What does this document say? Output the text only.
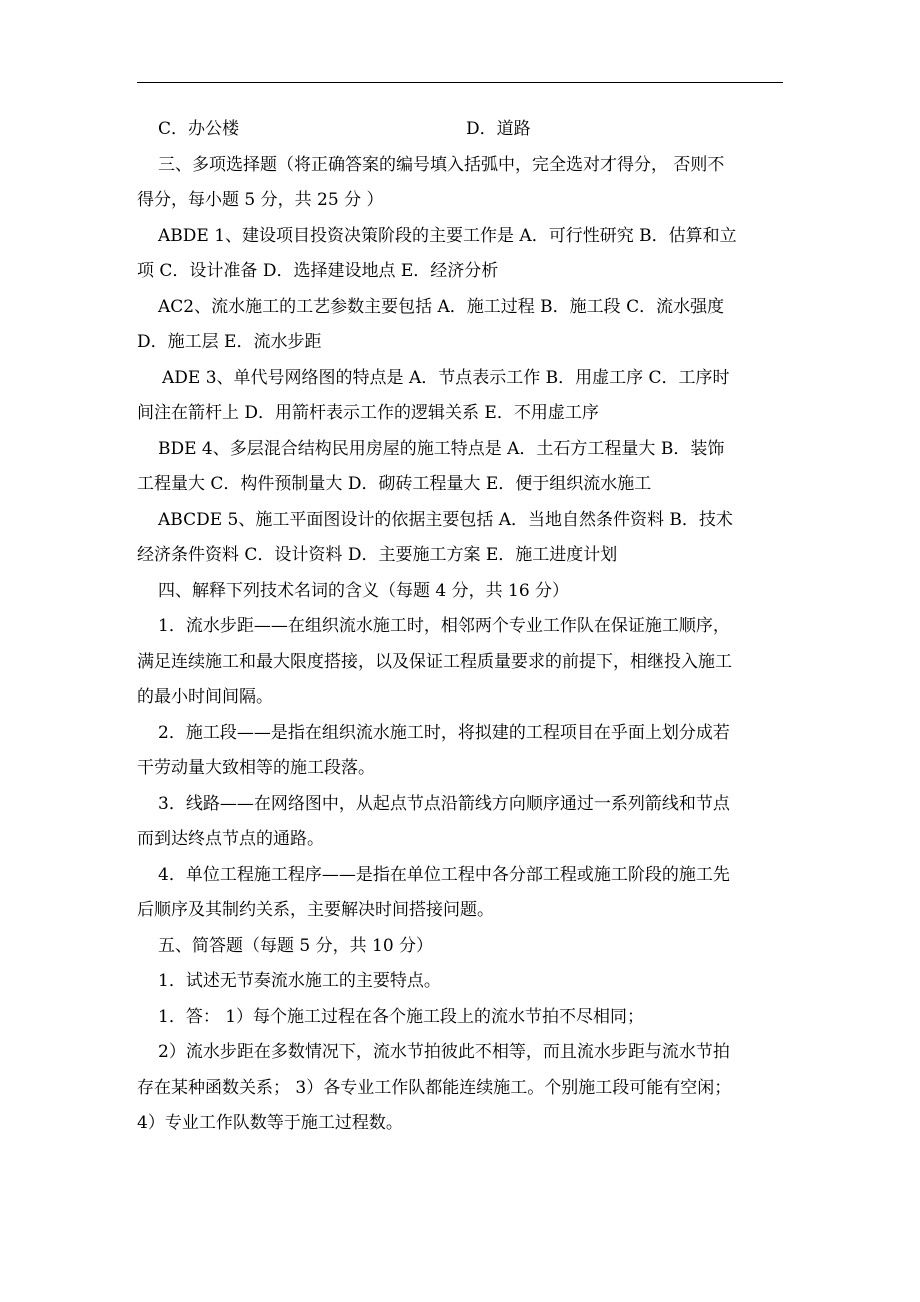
C．办公楼	D．道路
三、多项选择题（将正确答案的编号填入括弧中，完全选对才得分， 否则不
得分，每小题 5 分，共 25 分 ）
ABDE 1、建设项目投资决策阶段的主要工作是 A．可行性研究 B．估算和立
项 C．设计准备 D．选择建设地点 E．经济分析
AC2、流水施工的工艺参数主要包括 A．施工过程 B．施工段 C．流水强度
D．施工层 E．流水步距
ADE 3、单代号网络图的特点是 A．节点表示工作 B．用虚工序 C．工序时
间注在箭杆上 D．用箭杆表示工作的逻辑关系 E．不用虚工序
BDE 4、多层混合结构民用房屋的施工特点是 A．土石方工程量大 B．装饰
工程量大 C．构件预制量大 D．砌砖工程量大 E．便于组织流水施工
ABCDE 5、施工平面图设计的依据主要包括 A．当地自然条件资料 B．技术
经济条件资料 C．设计资料 D．主要施工方案 E．施工进度计划
四、解释下列技术名词的含义（每题 4 分，共 16 分）
1．流水步距——在组织流水施工时，相邻两个专业工作队在保证施工顺序，
满足连续施工和最大限度搭接，以及保证工程质量要求的前提下，相继投入施工
的最小时间间隔。
2．施工段——是指在组织流水施工时，将拟建的工程项目在乎面上划分成若
干劳动量大致相等的施工段落。
3．线路——在网络图中，从起点节点沿箭线方向顺序通过一系列箭线和节点
而到达终点节点的通路。
4．单位工程施工程序——是指在单位工程中各分部工程或施工阶段的施工先
后顺序及其制约关系，主要解决时间搭接问题。
五、简答题（每题 5 分，共 10 分）
1．试述无节奏流水施工的主要特点。
1．答： 1）每个施工过程在各个施工段上的流水节拍不尽相同；
2）流水步距在多数情况下，流水节拍彼此不相等，而且流水步距与流水节拍
存在某种函数关系； 3）各专业工作队都能连续施工。个别施工段可能有空闲；
4）专业工作队数等于施工过程数。
